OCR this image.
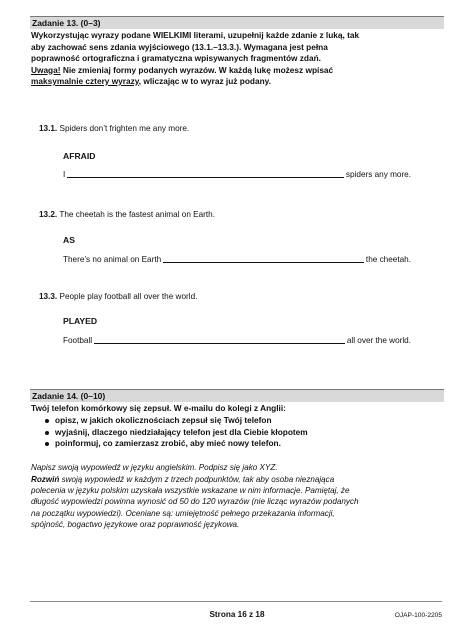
Zadanie 13. (0–3)
Wykorzystując wyrazy podane WIELKIMI literami, uzupełnij każde zdanie z luką, tak
aby zachować sens zdania wyjściowego (13.1.–13.3.). Wymagana jest pełna
poprawność ortograficzna i gramatyczna wpisywanych fragmentów zdań.
Uwaga! Nie zmieniaj formy podanych wyrazów. W każdą lukę możesz wpisać
maksymalnie cztery wyrazy, wliczając w to wyraz już podany.
13.1. Spiders don’t frighten me any more.
AFRAID
I	spiders any more.
13.2. The cheetah is the fastest animal on Earth.
AS
There’s no animal on Earth	the cheetah.
13.3. People play football all over the world.
PLAYED
Football	all over the world.
Zadanie 14. (0–10)
Twój telefon komórkowy się zepsuł. W e-mailu do kolegi z Anglii:
opisz, w jakich okolicznościach zepsuł się Twój telefon
wyjaśnij, dlaczego niedziałający telefon jest dla Ciebie kłopotem
poinformuj, co zamierzasz zrobić, aby mieć nowy telefon.
Napisz swoją wypowiedź w języku angielskim. Podpisz się jako XYZ.
Rozwiń swoją wypowiedź w każdym z trzech podpunktów, tak aby osoba nieznająca
polecenia w języku polskim uzyskała wszystkie wskazane w nim informacje. Pamiętaj, że
długość wypowiedzi powinna wynosić od 50 do 120 wyrazów (nie licząc wyrazów podanych
na początku wypowiedzi). Oceniane są: umiejętność pełnego przekazania informacji,
spójność, bogactwo językowe oraz poprawność językowa.
Strona 16 z 18	OJAP-100-2205
